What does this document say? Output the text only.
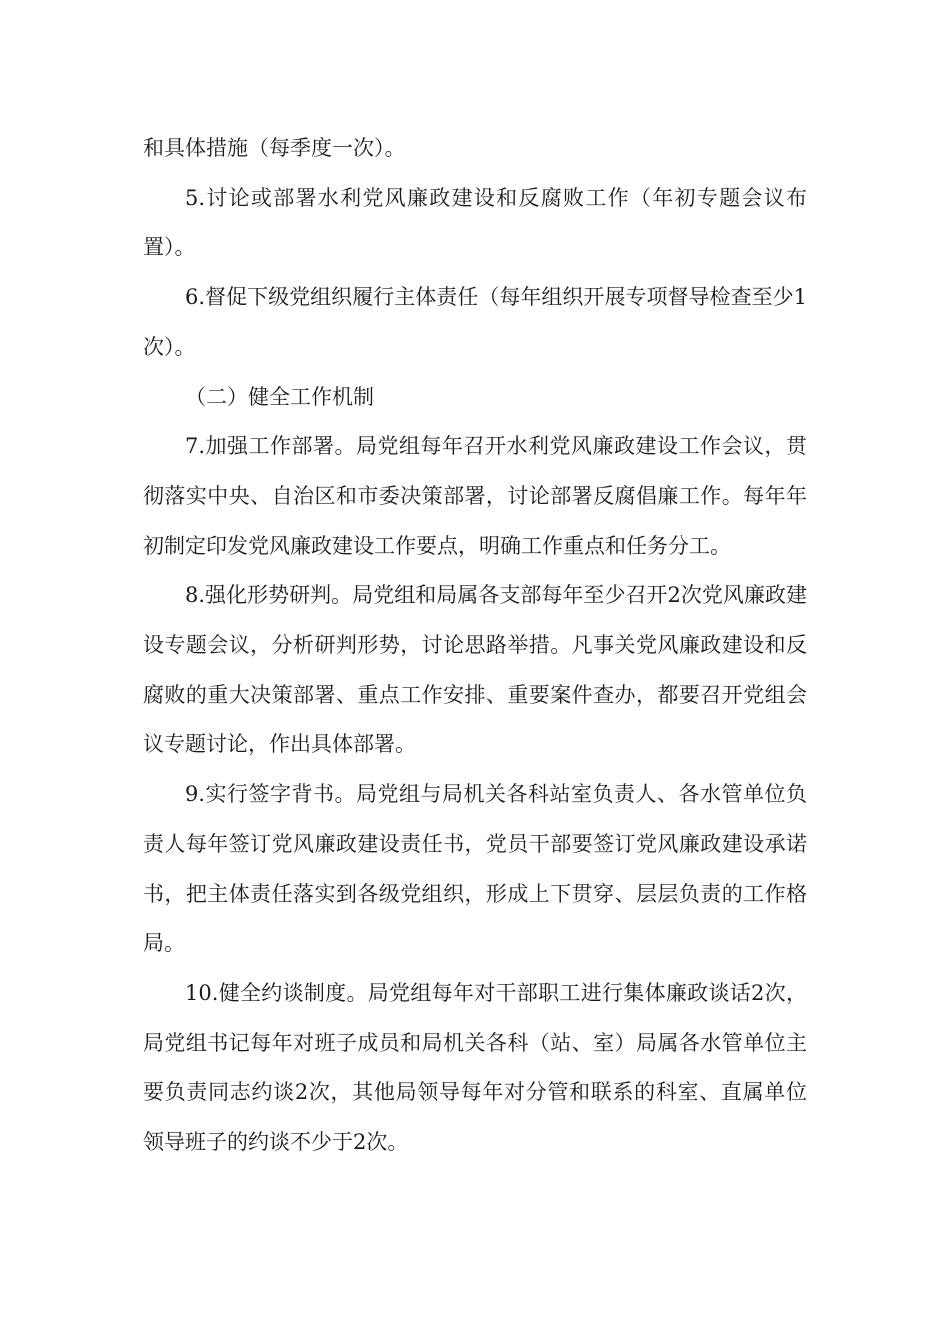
和具体措施（每季度一次）。

5.讨论或部署水利党风廉政建设和反腐败工作（年初专题会议布置）。

6.督促下级党组织履行主体责任（每年组织开展专项督导检查至少1次）。

（二）健全工作机制

7.加强工作部署。局党组每年召开水利党风廉政建设工作会议，贯彻落实中央、自治区和市委决策部署，讨论部署反腐倡廉工作。每年年初制定印发党风廉政建设工作要点，明确工作重点和任务分工。

8.强化形势研判。局党组和局属各支部每年至少召开2次党风廉政建设专题会议，分析研判形势，讨论思路举措。凡事关党风廉政建设和反腐败的重大决策部署、重点工作安排、重要案件查办，都要召开党组会议专题讨论，作出具体部署。

9.实行签字背书。局党组与局机关各科站室负责人、各水管单位负责人每年签订党风廉政建设责任书，党员干部要签订党风廉政建设承诺书，把主体责任落实到各级党组织，形成上下贯穿、层层负责的工作格局。

10.健全约谈制度。局党组每年对干部职工进行集体廉政谈话2次，局党组书记每年对班子成员和局机关各科（站、室）局属各水管单位主要负责同志约谈2次，其他局领导每年对分管和联系的科室、直属单位领导班子的约谈不少于2次。
